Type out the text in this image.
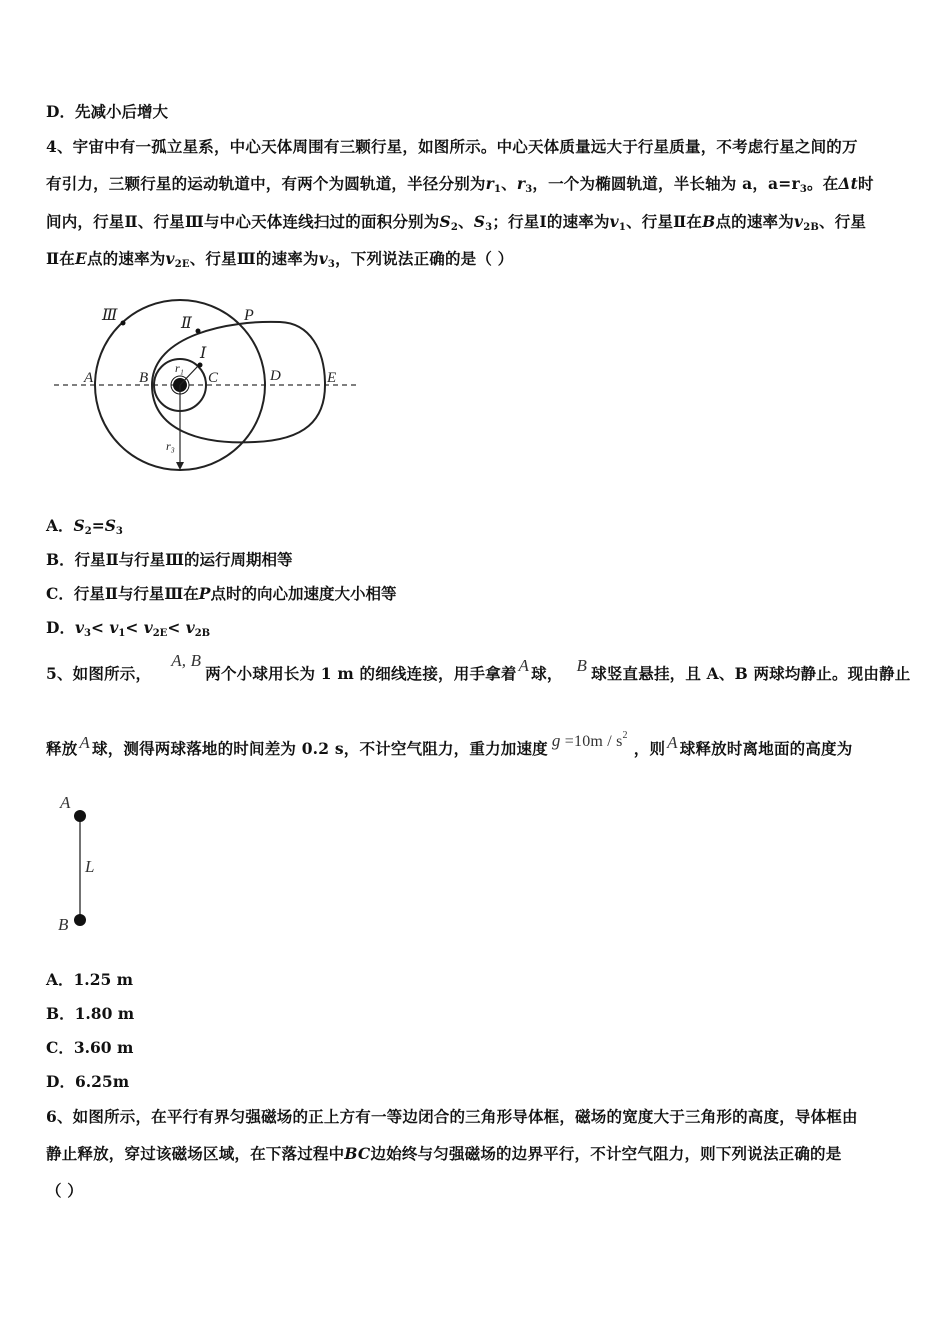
D．先减小后增大
4、宇宙中有一孤立星系，中心天体周围有三颗行星，如图所示。中心天体质量远大于行星质量，不考虑行星之间的万
有引力，三颗行星的运动轨道中，有两个为圆轨道，半径分别为$r_1$、$r_3$，一个为椭圆轨道，半长轴为 a，$a=r_3$。在Δt时
间内，行星Ⅱ、行星Ⅲ与中心天体连线扫过的面积分别为$S_2$、$S_3$；行星Ⅰ的速率为$v_1$、行星Ⅱ在B点的速率为$v_{2B}$、行星
Ⅱ在E点的速率为$v_{2E}$、行星Ⅲ的速率为$v_3$，下列说法正确的是（ ）
Ⅲ	Ⅱ
Ⅰ
P
A	B	C	D	E
r₁
r₃
A．$S_2=S_3$
B．行星Ⅱ与行星Ⅲ的运行周期相等
C．行星Ⅱ与行星Ⅲ在P点时的向心加速度大小相等
D．$v_3< v_1< v_{2E}< v_{2B}$
5、如图所示，A, B两个小球用长为 1 m 的细线连接，用手拿着 A 球， B 球竖直悬挂，且 A、B 两球均静止。现由静止
释放 A 球，测得两球落地的时间差为 0.2 s，不计空气阻力，重力加速度 $g =10m / s^2$，则 A 球释放时离地面的高度为
A
L
B
A．1.25 m
B．1.80 m
C．3.60 m
D．6.25m
6、如图所示，在平行有界匀强磁场的正上方有一等边闭合的三角形导体框，磁场的宽度大于三角形的高度，导体框由
静止释放，穿过该磁场区域，在下落过程中BC边始终与匀强磁场的边界平行，不计空气阻力，则下列说法正确的是
（ ）
